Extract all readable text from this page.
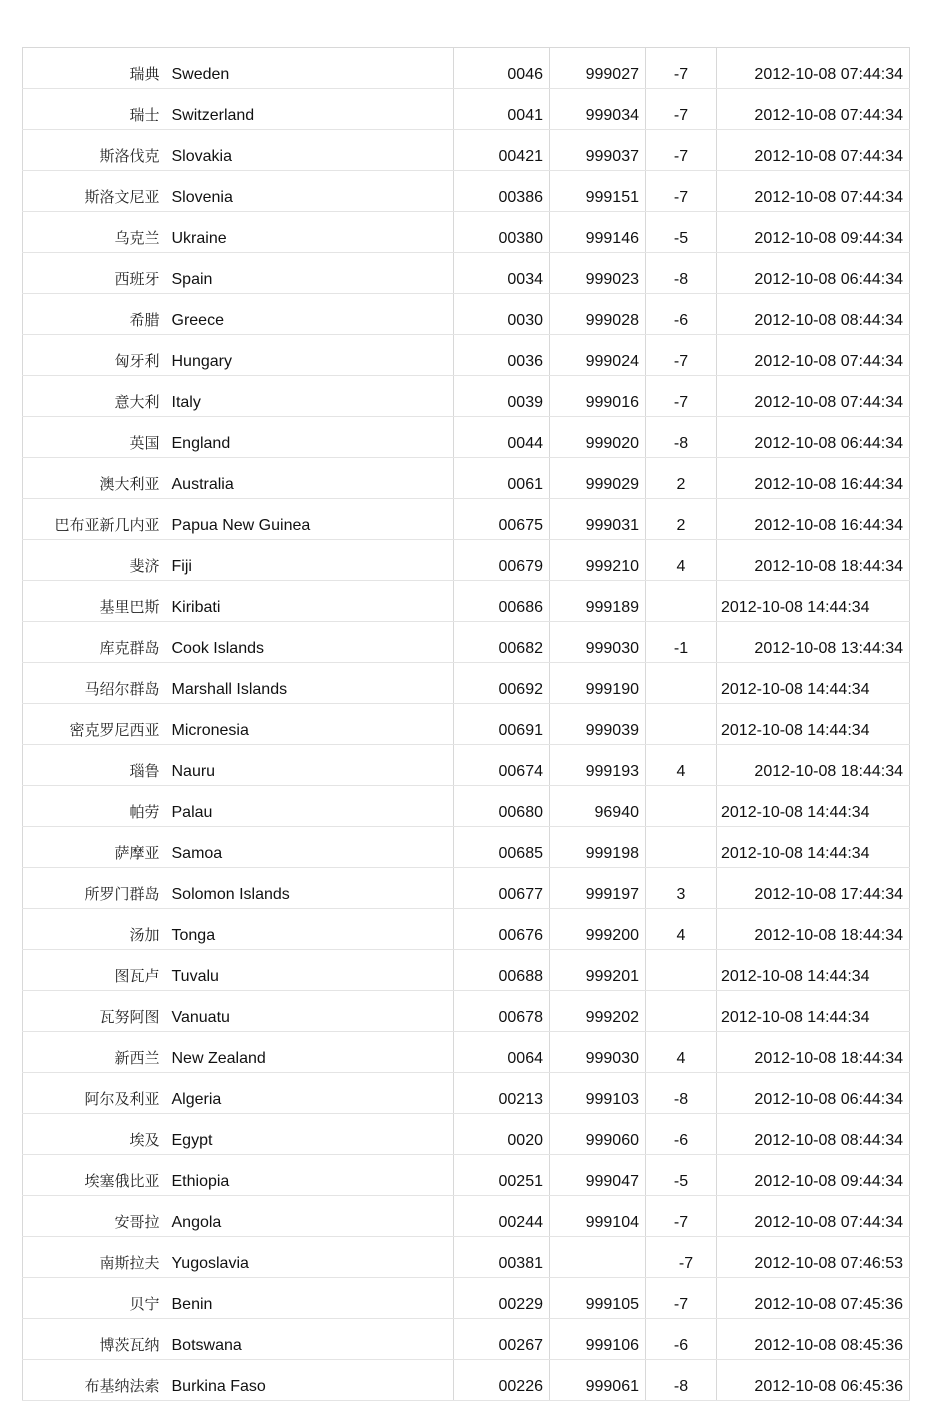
瑞典	Sweden	0046	999027	-7	2012-10-08 07:44:34
瑞士	Switzerland	0041	999034	-7	2012-10-08 07:44:34
斯洛伐克	Slovakia	00421	999037	-7	2012-10-08 07:44:34
斯洛文尼亚	Slovenia	00386	999151	-7	2012-10-08 07:44:34
乌克兰	Ukraine	00380	999146	-5	2012-10-08 09:44:34
西班牙	Spain	0034	999023	-8	2012-10-08 06:44:34
希腊	Greece	0030	999028	-6	2012-10-08 08:44:34
匈牙利	Hungary	0036	999024	-7	2012-10-08 07:44:34
意大利	Italy	0039	999016	-7	2012-10-08 07:44:34
英国	England	0044	999020	-8	2012-10-08 06:44:34
澳大利亚	Australia	0061	999029	2	2012-10-08 16:44:34
巴布亚新几内亚	Papua New Guinea	00675	999031	2	2012-10-08 16:44:34
斐济	Fiji	00679	999210	4	2012-10-08 18:44:34
基里巴斯	Kiribati	00686	999189		2012-10-08 14:44:34
库克群岛	Cook Islands	00682	999030	-1	2012-10-08 13:44:34
马绍尔群岛	Marshall Islands	00692	999190		2012-10-08 14:44:34
密克罗尼西亚	Micronesia	00691	999039		2012-10-08 14:44:34
瑙鲁	Nauru	00674	999193	4	2012-10-08 18:44:34
帕劳	Palau	00680	96940		2012-10-08 14:44:34
萨摩亚	Samoa	00685	999198		2012-10-08 14:44:34
所罗门群岛	Solomon Islands	00677	999197	3	2012-10-08 17:44:34
汤加	Tonga	00676	999200	4	2012-10-08 18:44:34
图瓦卢	Tuvalu	00688	999201		2012-10-08 14:44:34
瓦努阿图	Vanuatu	00678	999202		2012-10-08 14:44:34
新西兰	New Zealand	0064	999030	4	2012-10-08 18:44:34
阿尔及利亚	Algeria	00213	999103	-8	2012-10-08 06:44:34
埃及	Egypt	0020	999060	-6	2012-10-08 08:44:34
埃塞俄比亚	Ethiopia	00251	999047	-5	2012-10-08 09:44:34
安哥拉	Angola	00244	999104	-7	2012-10-08 07:44:34
南斯拉夫	Yugoslavia	00381		-7	2012-10-08 07:46:53
贝宁	Benin	00229	999105	-7	2012-10-08 07:45:36
博茨瓦纳	Botswana	00267	999106	-6	2012-10-08 08:45:36
布基纳法索	Burkina Faso	00226	999061	-8	2012-10-08 06:45:36
